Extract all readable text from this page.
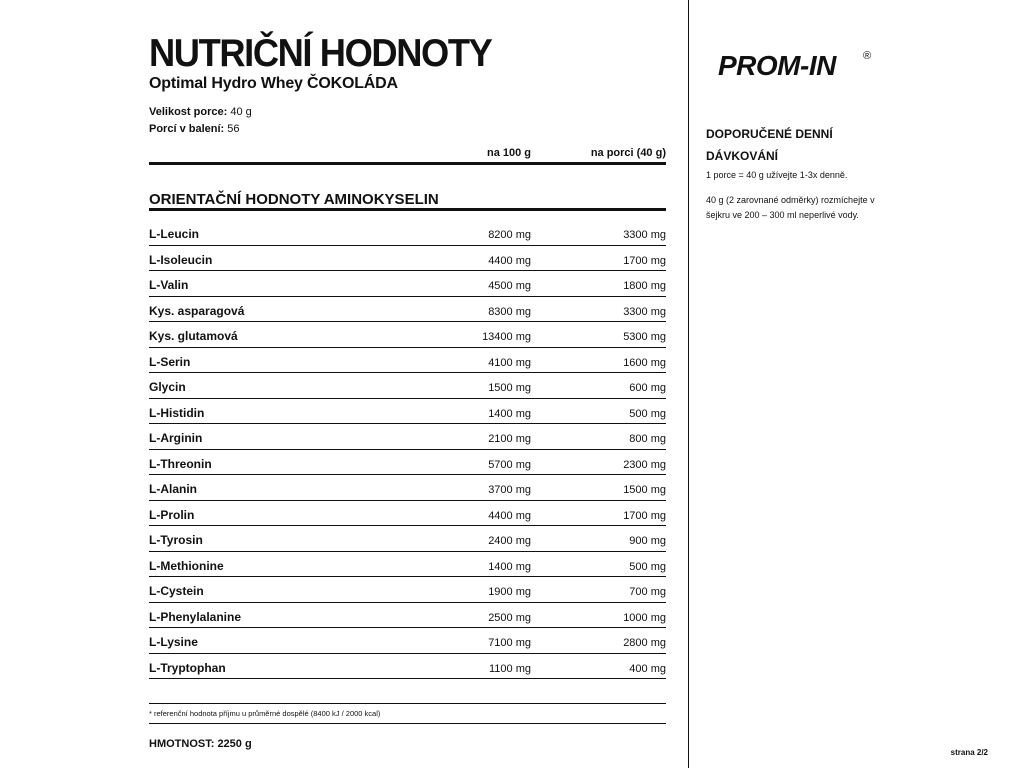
NUTRIČNÍ HODNOTY
Optimal Hydro Whey ČOKOLÁDA
Velikost porce: 40 g
Porcí v balení: 56
na 100 g	na porci (40 g)
ORIENTAČNÍ HODNOTY AMINOKYSELIN
L-Leucin	8200 mg	3300 mg
L-Isoleucin	4400 mg	1700 mg
L-Valin	4500 mg	1800 mg
Kys. asparagová	8300 mg	3300 mg
Kys. glutamová	13400 mg	5300 mg
L-Serin	4100 mg	1600 mg
Glycin	1500 mg	600 mg
L-Histidin	1400 mg	500 mg
L-Arginin	2100 mg	800 mg
L-Threonin	5700 mg	2300 mg
L-Alanin	3700 mg	1500 mg
L-Prolin	4400 mg	1700 mg
L-Tyrosin	2400 mg	900 mg
L-Methionine	1400 mg	500 mg
L-Cystein	1900 mg	700 mg
L-Phenylalanine	2500 mg	1000 mg
L-Lysine	7100 mg	2800 mg
L-Tryptophan	1100 mg	400 mg
* referenční hodnota příjmu u průměrné dospělé (8400 kJ / 2000 kcal)
HMOTNOST: 2250 g
PROM-IN ®
DOPORUČENÉ DENNÍ DÁVKOVÁNÍ
1 porce = 40 g užívejte 1-3x denně.
40 g (2 zarovnané odměrky) rozmíchejte v šejkru ve 200 – 300 ml neperlivé vody.
strana 2/2
